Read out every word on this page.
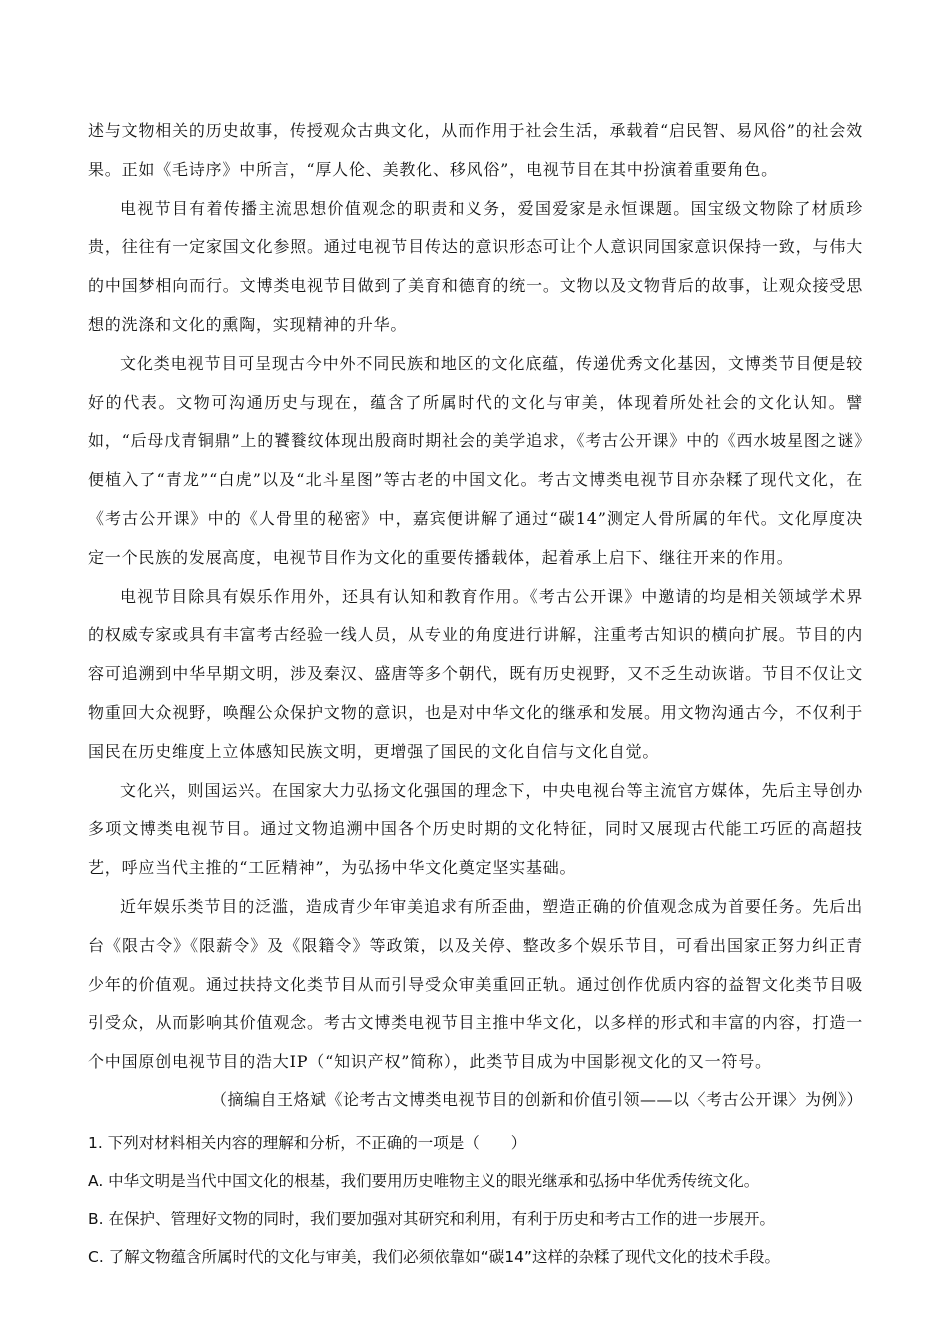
述与文物相关的历史故事，传授观众古典文化，从而作用于社会生活，承载着“启民智、易风俗”的社会效果。正如《毛诗序》中所言，“厚人伦、美教化、移风俗”，电视节目在其中扮演着重要角色。

电视节目有着传播主流思想价值观念的职责和义务，爱国爱家是永恒课题。国宝级文物除了材质珍贵，往往有一定家国文化参照。通过电视节目传达的意识形态可让个人意识同国家意识保持一致，与伟大的中国梦相向而行。文博类电视节目做到了美育和德育的统一。文物以及文物背后的故事，让观众接受思想的洗涤和文化的熏陶，实现精神的升华。

文化类电视节目可呈现古今中外不同民族和地区的文化底蕴，传递优秀文化基因，文博类节目便是较好的代表。文物可沟通历史与现在，蕴含了所属时代的文化与审美，体现着所处社会的文化认知。譬如，“后母戊青铜鼎”上的饕餮纹体现出殷商时期社会的美学追求，《考古公开课》中的《西水坡星图之谜》便植入了“青龙”“白虎”以及“北斗星图”等古老的中国文化。考古文博类电视节目亦杂糅了现代文化，在《考古公开课》中的《人骨里的秘密》中，嘉宾便讲解了通过“碳14”测定人骨所属的年代。文化厚度决定一个民族的发展高度，电视节目作为文化的重要传播载体，起着承上启下、继往开来的作用。

电视节目除具有娱乐作用外，还具有认知和教育作用。《考古公开课》中邀请的均是相关领域学术界的权威专家或具有丰富考古经验一线人员，从专业的角度进行讲解，注重考古知识的横向扩展。节目的内容可追溯到中华早期文明，涉及秦汉、盛唐等多个朝代，既有历史视野，又不乏生动诙谐。节目不仅让文物重回大众视野，唤醒公众保护文物的意识，也是对中华文化的继承和发展。用文物沟通古今，不仅利于国民在历史维度上立体感知民族文明，更增强了国民的文化自信与文化自觉。

文化兴，则国运兴。在国家大力弘扬文化强国的理念下，中央电视台等主流官方媒体，先后主导创办多项文博类电视节目。通过文物追溯中国各个历史时期的文化特征，同时又展现古代能工巧匠的高超技艺，呼应当代主推的“工匠精神”，为弘扬中华文化奠定坚实基础。

近年娱乐类节目的泛滥，造成青少年审美追求有所歪曲，塑造正确的价值观念成为首要任务。先后出台《限古令》《限薪令》及《限籍令》等政策，以及关停、整改多个娱乐节目，可看出国家正努力纠正青少年的价值观。通过扶持文化类节目从而引导受众审美重回正轨。通过创作优质内容的益智文化类节目吸引受众，从而影响其价值观念。考古文博类电视节目主推中华文化，以多样的形式和丰富的内容，打造一个中国原创电视节目的浩大IP（“知识产权”简称），此类节目成为中国影视文化的又一符号。

（摘编自王烙斌《论考古文博类电视节目的创新和价值引领——以〈考古公开课〉为例》）

1. 下列对材料相关内容的理解和分析，不正确的一项是（　　）

A. 中华文明是当代中国文化的根基，我们要用历史唯物主义的眼光继承和弘扬中华优秀传统文化。

B. 在保护、管理好文物的同时，我们要加强对其研究和利用，有利于历史和考古工作的进一步展开。

C. 了解文物蕴含所属时代的文化与审美，我们必须依靠如“碳14”这样的杂糅了现代文化的技术手段。
